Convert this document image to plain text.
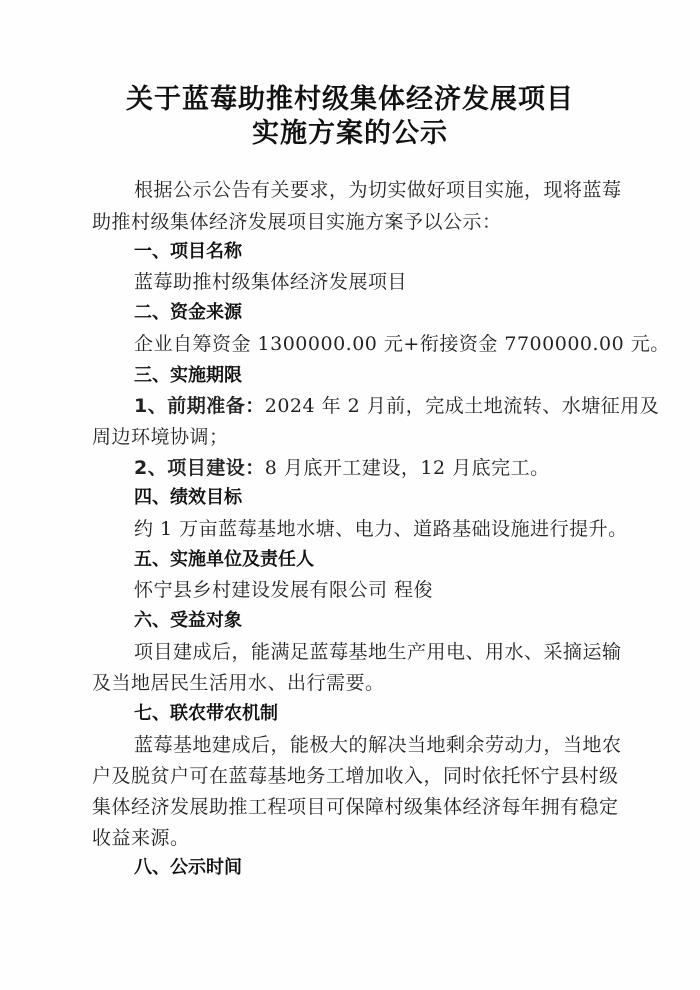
关于蓝莓助推村级集体经济发展项目
实施方案的公示
根据公示公告有关要求，为切实做好项目实施，现将蓝莓
助推村级集体经济发展项目实施方案予以公示：
一、项目名称
蓝莓助推村级集体经济发展项目
二、资金来源
企业自筹资金 1300000.00 元+衔接资金 7700000.00 元。
三、实施期限
1、前期准备：2024 年 2 月前，完成土地流转、水塘征用及
周边环境协调；
2、项目建设：8 月底开工建设，12 月底完工。
四、绩效目标
约 1 万亩蓝莓基地水塘、电力、道路基础设施进行提升。
五、实施单位及责任人
怀宁县乡村建设发展有限公司 程俊
六、受益对象
项目建成后，能满足蓝莓基地生产用电、用水、采摘运输
及当地居民生活用水、出行需要。
七、联农带农机制
蓝莓基地建成后，能极大的解决当地剩余劳动力，当地农
户及脱贫户可在蓝莓基地务工增加收入，同时依托怀宁县村级
集体经济发展助推工程项目可保障村级集体经济每年拥有稳定
收益来源。
八、公示时间
